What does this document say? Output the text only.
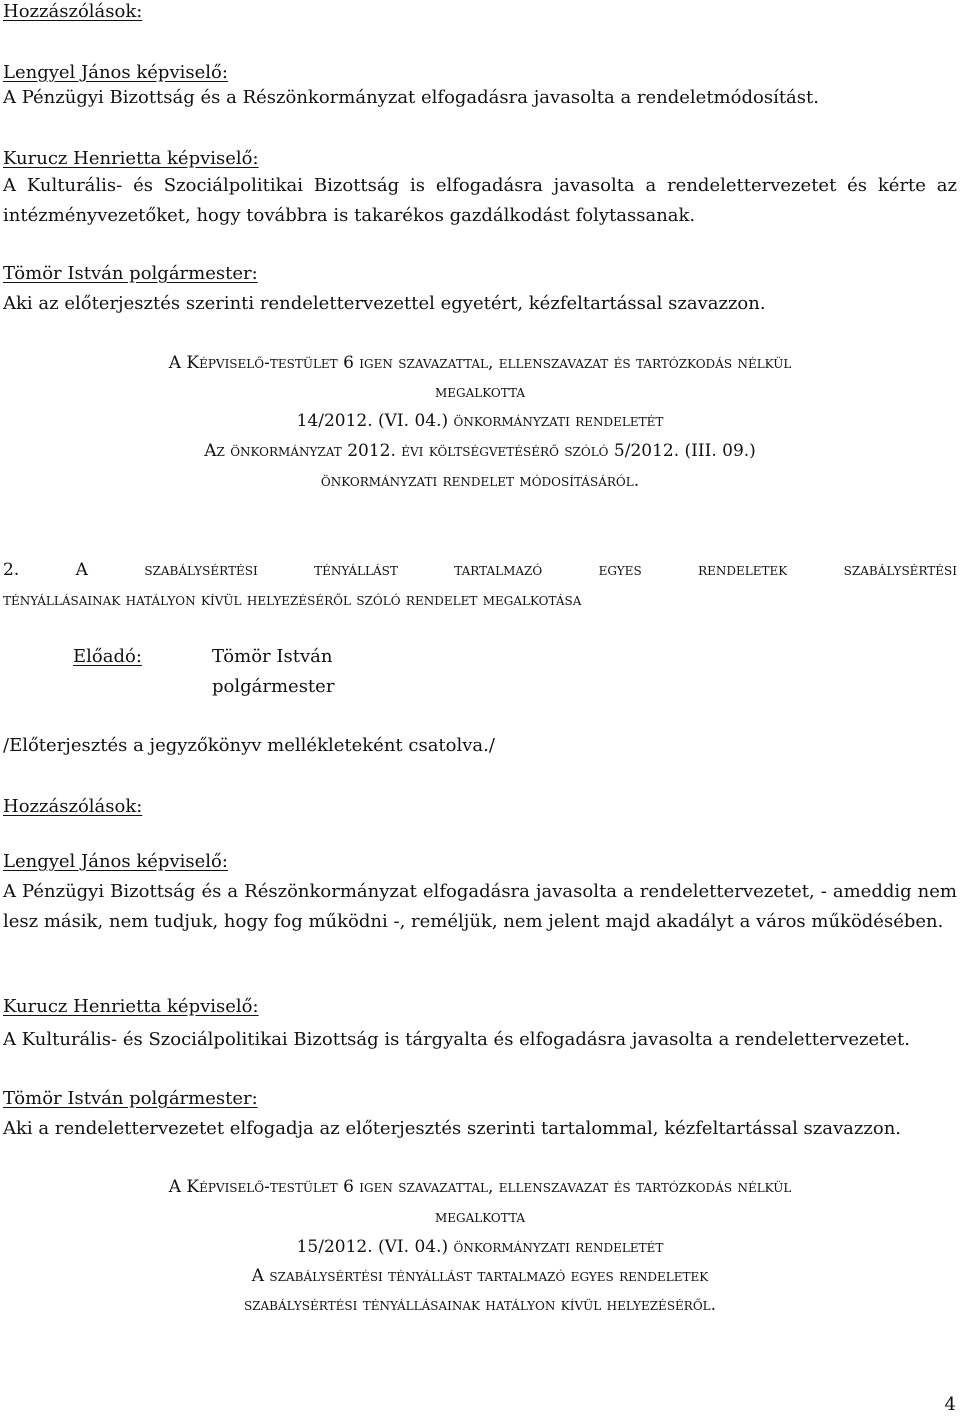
Hozzászólások:
Lengyel János képviselő:
A Pénzügyi Bizottság és a Részönkormányzat elfogadásra javasolta a rendeletmódosítást.
Kurucz Henrietta képviselő:
A Kulturális- és Szociálpolitikai Bizottság is elfogadásra javasolta a rendelettervezetet és kérte az intézményvezetőket, hogy továbbra is takarékos gazdálkodást folytassanak.
Tömör István polgármester:
Aki az előterjesztés szerinti rendelettervezettel egyetért, kézfeltartással szavazzon.
A Képviselő-testület 6 igen szavazattal, ellenszavazat és tartózkodás nélkül
megalkotta
14/2012. (VI. 04.) önkormányzati rendeletét
Az önkormányzat 2012. évi költségvetésérő szóló 5/2012. (III. 09.)
önkormányzati rendelet módosításáról.
2. A szabálysértési tényállást tartalmazó egyes rendeletek szabálysértési
tényállásainak hatályon kívül helyezéséről szóló rendelet megalkotása
Előadó:	Tömör István
polgármester
/Előterjesztés a jegyzőkönyv mellékleteként csatolva./
Hozzászólások:
Lengyel János képviselő:
A Pénzügyi Bizottság és a Részönkormányzat elfogadásra javasolta a rendelettervezetet, - ameddig nem lesz másik, nem tudjuk, hogy fog működni -, reméljük, nem jelent majd akadályt a város működésében.
Kurucz Henrietta képviselő:
A Kulturális- és Szociálpolitikai Bizottság is tárgyalta és elfogadásra javasolta a rendelettervezetet.
Tömör István polgármester:
Aki a rendelettervezetet elfogadja az előterjesztés szerinti tartalommal, kézfeltartással szavazzon.
A Képviselő-testület 6 igen szavazattal, ellenszavazat és tartózkodás nélkül
megalkotta
15/2012. (VI. 04.) önkormányzati rendeletét
A szabálysértési tényállást tartalmazó egyes rendeletek
szabálysértési tényállásainak hatályon kívül helyezéséről.
4
